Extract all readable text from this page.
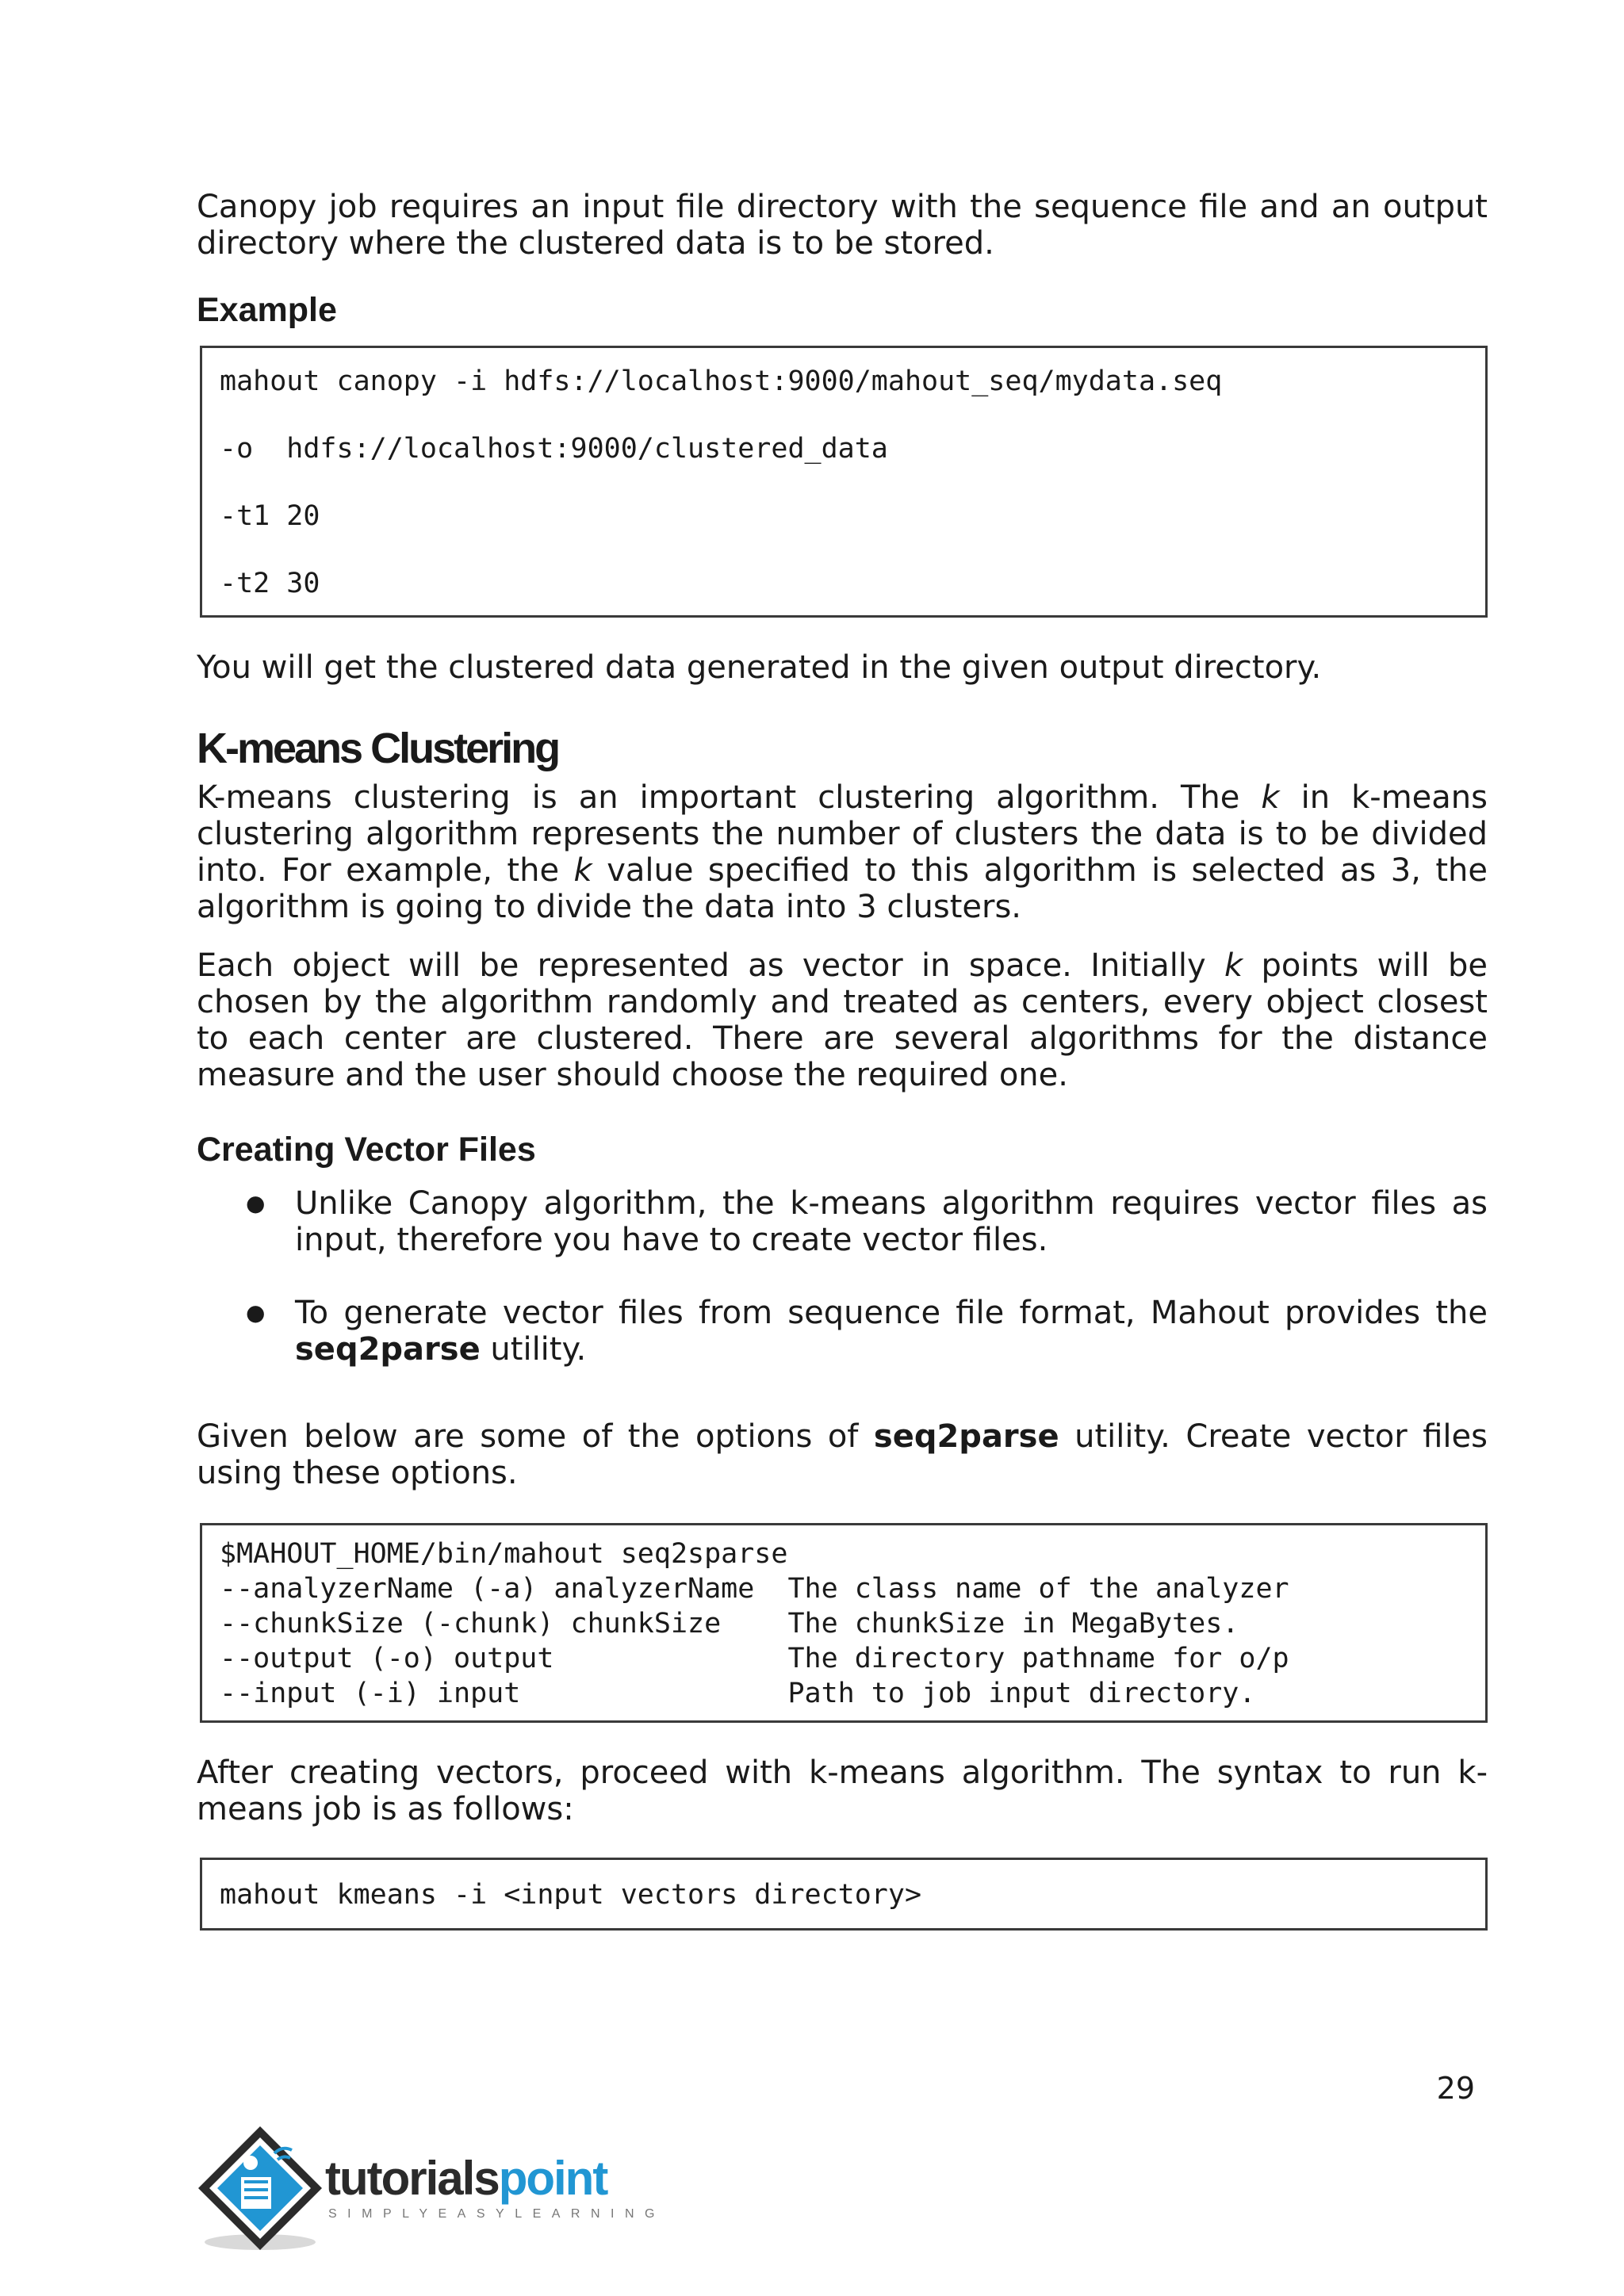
Canopy job requires an input file directory with the sequence file and an output directory where the clustered data is to be stored.

Example
mahout canopy -i hdfs://localhost:9000/mahout_seq/mydata.seq
-o  hdfs://localhost:9000/clustered_data
-t1 20
-t2 30

You will get the clustered data generated in the given output directory.

K-means Clustering

K-means clustering is an important clustering algorithm. The k in k-means clustering algorithm represents the number of clusters the data is to be divided into. For example, the k value specified to this algorithm is selected as 3, the algorithm is going to divide the data into 3 clusters.

Each object will be represented as vector in space. Initially k points will be chosen by the algorithm randomly and treated as centers, every object closest to each center are clustered. There are several algorithms for the distance measure and the user should choose the required one.

Creating Vector Files
● Unlike Canopy algorithm, the k-means algorithm requires vector files as input, therefore you have to create vector files.
● To generate vector files from sequence file format, Mahout provides the seq2parse utility.

Given below are some of the options of seq2parse utility. Create vector files using these options.

$MAHOUT_HOME/bin/mahout seq2sparse
--analyzerName (-a) analyzerName  The class name of the analyzer
--chunkSize (-chunk) chunkSize    The chunkSize in MegaBytes.
--output (-o) output              The directory pathname for o/p
--input (-i) input                Path to job input directory.

After creating vectors, proceed with k-means algorithm. The syntax to run k-means job is as follows:

mahout kmeans -i <input vectors directory>
29
tutorialspoint
SIMPLYEASYLEARNING
